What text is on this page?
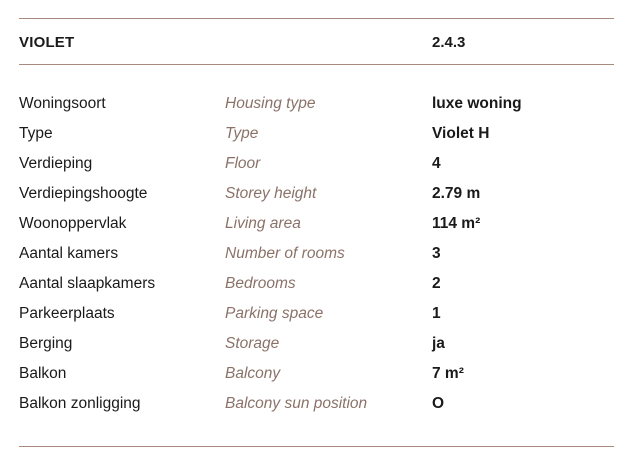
VIOLET	2.4.3
Woningsoort	Housing type	luxe woning
Type	Type	Violet H
Verdieping	Floor	4
Verdiepingshoogte	Storey height	2.79 m
Woonoppervlak	Living area	114 m²
Aantal kamers	Number of rooms	3
Aantal slaapkamers	Bedrooms	2
Parkeerplaats	Parking space	1
Berging	Storage	ja
Balkon	Balcony	7 m²
Balkon zonligging	Balcony sun position	O
